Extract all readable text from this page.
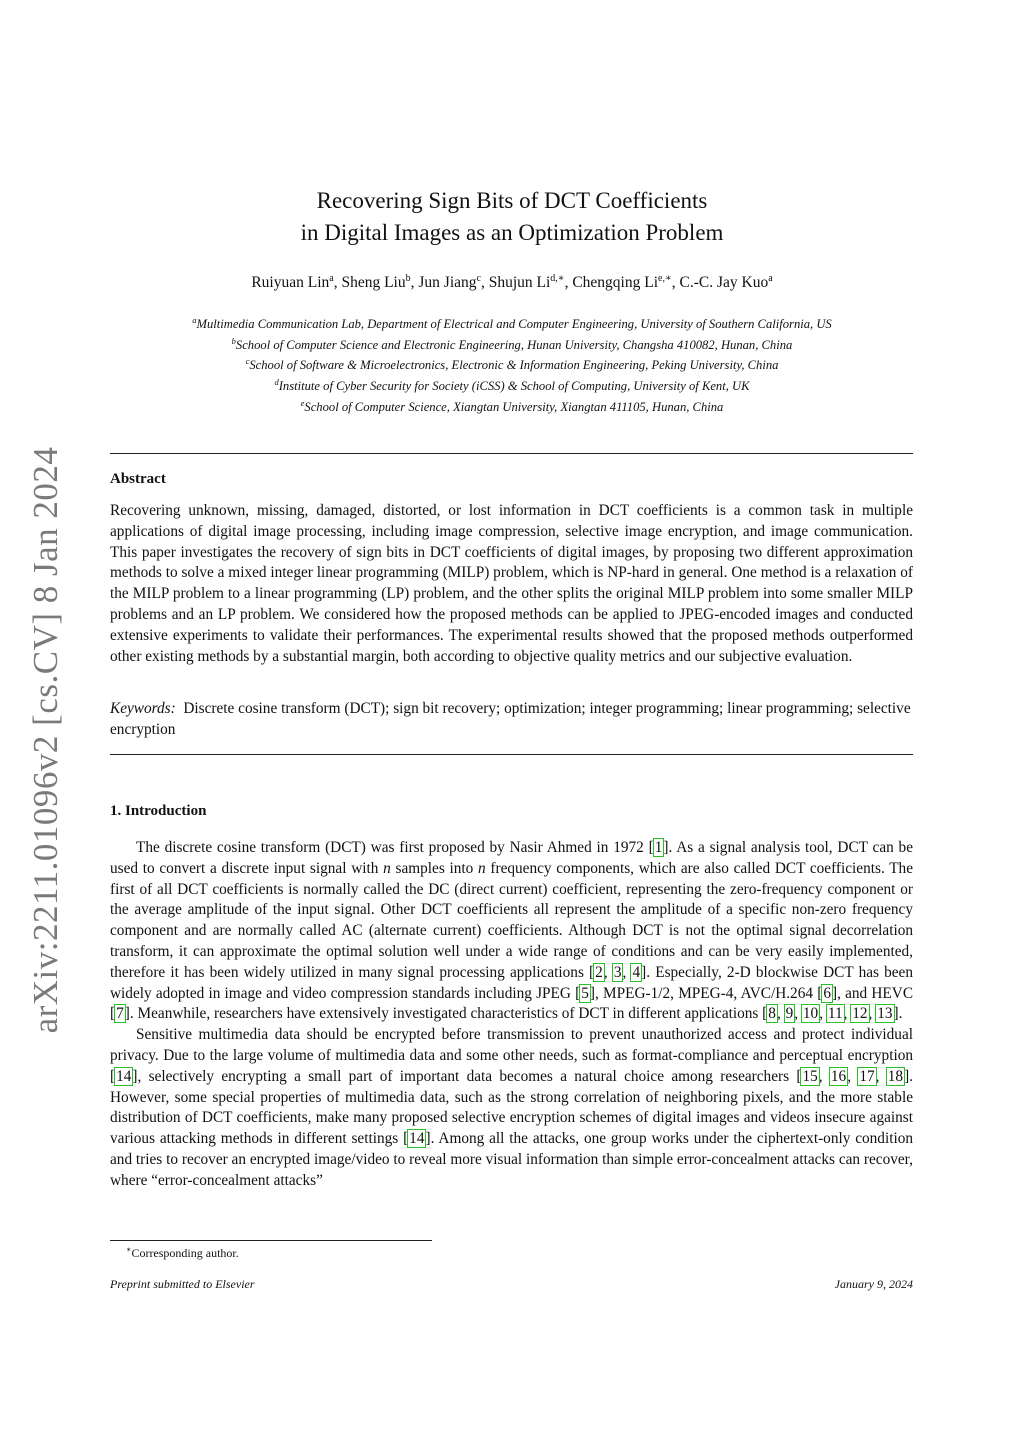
arXiv:2211.01096v2 [cs.CV] 8 Jan 2024
Recovering Sign Bits of DCT Coefficients
in Digital Images as an Optimization Problem
Ruiyuan Lin$^a$, Sheng Liu$^b$, Jun Jiang$^c$, Shujun $Li^{d,∗}$, Chengqing $Li^{e,∗}$, C.-C. Jay Kuo$^a$
$^a$Multimedia Communication Lab, Department of Electrical and Computer Engineering, University of Southern California, US
$^b$School of Computer Science and Electronic Engineering, Hunan University, Changsha 410082, Hunan, China
$^c$School of Software & Microelectronics, Electronic & Information Engineering, Peking University, China
$^d$Institute of Cyber Security for Society (iCSS) & School of Computing, University of Kent, UK
$^e$School of Computer Science, Xiangtan University, Xiangtan 411105, Hunan, China
Abstract
Recovering unknown, missing, damaged, distorted, or lost information in DCT coefficients is a common task in multiple applications of digital image processing, including image compression, selective image encryption, and image communication. This paper investigates the recovery of sign bits in DCT coefficients of digital images, by proposing two different approximation methods to solve a mixed integer linear programming (MILP) problem, which is NP-hard in general. One method is a relaxation of the MILP problem to a linear programming (LP) problem, and the other splits the original MILP problem into some smaller MILP problems and an LP problem. We considered how the proposed methods can be applied to JPEG-encoded images and conducted extensive experiments to validate their performances. The experimental results showed that the proposed methods outperformed other existing methods by a substantial margin, both according to objective quality metrics and our subjective evaluation.
Keywords: Discrete cosine transform (DCT); sign bit recovery; optimization; integer programming; linear programming; selective encryption
1. Introduction

The discrete cosine transform (DCT) was first proposed by Nasir Ahmed in 1972 [1]. As a signal analysis tool, DCT can be used to convert a discrete input signal with n samples into n frequency components, which are also called DCT coefficients. The first of all DCT coefficients is normally called the DC (direct current) coefficient, representing the zero-frequency component or the average amplitude of the input signal. Other DCT coefficients all represent the amplitude of a specific non-zero frequency component and are normally called AC (alternate current) coefficients. Although DCT is not the optimal signal decorrelation transform, it can approximate the optimal solution well under a wide range of conditions and can be very easily implemented, therefore it has been widely utilized in many signal processing applications [2, 3, 4]. Especially, 2-D blockwise DCT has been widely adopted in image and video compression standards including JPEG [5], MPEG-1/2, MPEG-4, AVC/H.264 [6], and HEVC [7]. Meanwhile, researchers have extensively investigated characteristics of DCT in different applications [8, 9, 10, 11, 12, 13].

Sensitive multimedia data should be encrypted before transmission to prevent unauthorized access and protect individual privacy. Due to the large volume of multimedia data and some other needs, such as format-compliance and perceptual encryption [14], selectively encrypting a small part of important data becomes a natural choice among researchers [15, 16, 17, 18]. However, some special properties of multimedia data, such as the strong correlation of neighboring pixels, and the more stable distribution of DCT coefficients, make many proposed selective encryption schemes of digital images and videos insecure against various attacking methods in different settings [14]. Among all the attacks, one group works under the ciphertext-only condition and tries to recover an encrypted image/video to reveal more visual information than simple error-concealment attacks can recover, where “error-concealment attacks”

∗Corresponding author.
Preprint submitted to Elsevier	January 9, 2024
